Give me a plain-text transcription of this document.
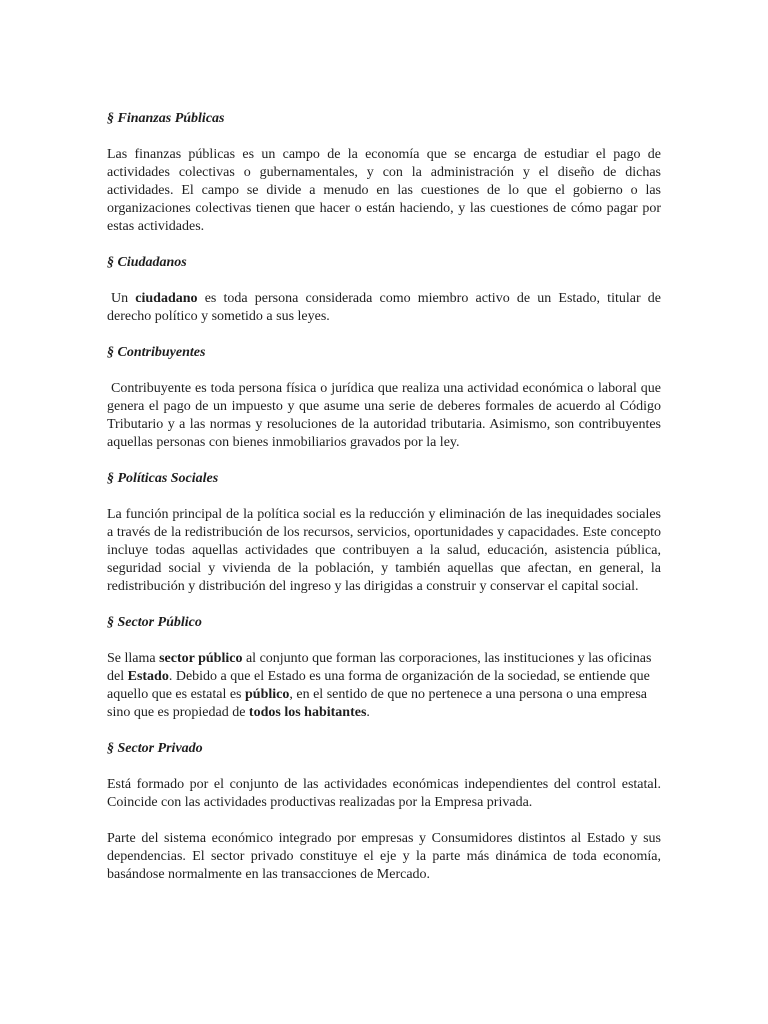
§ Finanzas Públicas

Las finanzas públicas es un campo de la economía que se encarga de estudiar el pago de actividades colectivas o gubernamentales, y con la administración y el diseño de dichas actividades. El campo se divide a menudo en las cuestiones de lo que el gobierno o las organizaciones colectivas tienen que hacer o están haciendo, y las cuestiones de cómo pagar por estas actividades.

§ Ciudadanos

Un ciudadano es toda persona considerada como miembro activo de un Estado, titular de derecho político y sometido a sus leyes.

§ Contribuyentes

Contribuyente es toda persona física o jurídica que realiza una actividad económica o laboral que genera el pago de un impuesto y que asume una serie de deberes formales de acuerdo al Código Tributario y a las normas y resoluciones de la autoridad tributaria. Asimismo, son contribuyentes aquellas personas con bienes inmobiliarios gravados por la ley.

§ Políticas Sociales

La función principal de la política social es la reducción y eliminación de las inequidades sociales a través de la redistribución de los recursos, servicios, oportunidades y capacidades. Este concepto incluye todas aquellas actividades que contribuyen a la salud, educación, asistencia pública, seguridad social y vivienda de la población, y también aquellas que afectan, en general, la redistribución y distribución del ingreso y las dirigidas a construir y conservar el capital social.

§ Sector Público

Se llama sector público al conjunto que forman las corporaciones, las instituciones y las oficinas del Estado. Debido a que el Estado es una forma de organización de la sociedad, se entiende que aquello que es estatal es público, en el sentido de que no pertenece a una persona o una empresa sino que es propiedad de todos los habitantes.

§ Sector Privado

Está formado por el conjunto de las actividades económicas independientes del control estatal. Coincide con las actividades productivas realizadas por la Empresa privada.

Parte del sistema económico integrado por empresas y Consumidores distintos al Estado y sus dependencias. El sector privado constituye el eje y la parte más dinámica de toda economía, basándose normalmente en las transacciones de Mercado.
